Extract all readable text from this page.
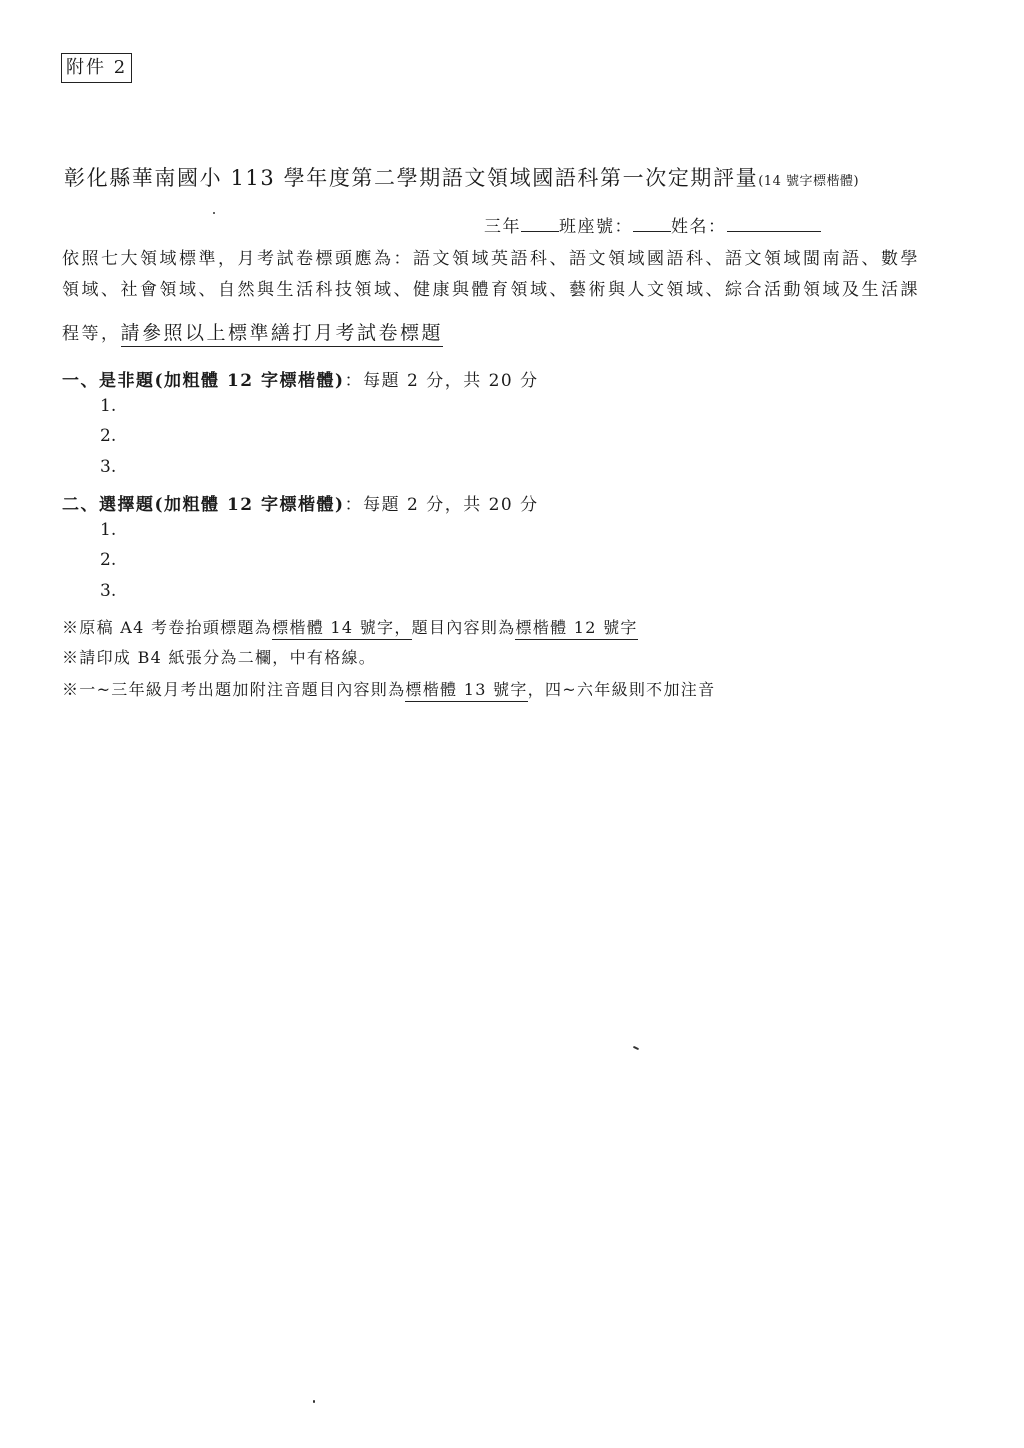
附件 2
彰化縣華南國小 113 學年度第二學期語文領域國語科第一次定期評量(14 號字標楷體)
三年 班座號： 姓名：
依照七大領域標準，月考試卷標頭應為：語文領域英語科、語文領域國語科、語文領域閩南語、數學
領域、社會領域、自然與生活科技領域、健康與體育領域、藝術與人文領域、綜合活動領域及生活課
程等，請參照以上標準繕打月考試卷標題
一、是非題(加粗體 12 字標楷體)：每題 2 分，共 20 分
1.
2.
3.
二、選擇題(加粗體 12 字標楷體)：每題 2 分，共 20 分
1.
2.
3.
※原稿 A4 考卷抬頭標題為標楷體 14 號字，題目內容則為標楷體 12 號字
※請印成 B4 紙張分為二欄，中有格線。
※一~三年級月考出題加附注音題目內容則為標楷體 13 號字，四~六年級則不加注音
